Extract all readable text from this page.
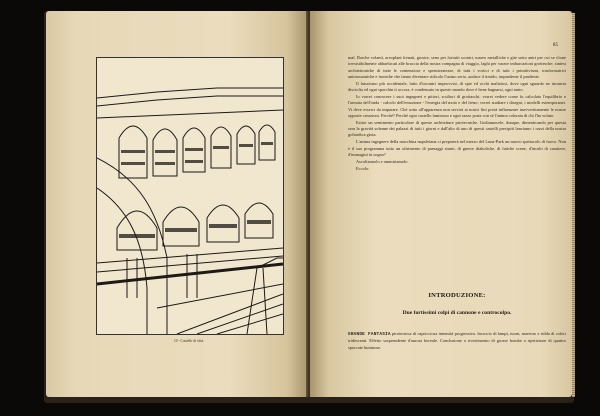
10 - Castello di città.
85

mal. Barche volanti, areoplani frenati, giostre, seno per fortuiti scontri, mareo metalliche e gite sotto antri per cui se s'ione irresistibilmente abbarbicati alle braccia della nostra compagna di viaggio, laghi per varare imbarcazioni grottesche; sintesi architettoniche di tutte le contenziose e spensieratezze, di tutti i vortici e di tutti i primitivismi, trasformatrici antiromantiche e ironiche che fanno diventare ridicolo l'uomo serio, audace il timido, imprudente il prudente.

Il futurismo più accidentale, fatto d'incontri improvvisi, di spie ed occhi maliziosi, dove ogni sguardo ne incontra disciolta ed ogni sporchin ti accora, è condensato in questo mondo dove è bene bagnarsi, ogni tanto.

Io vorrei conoscere i suoi ingegneri e pittori, scultori di grottaschi; vorrei vedere come fu calcolato l'equilibrio e l'armata dell'onda - calcolo dell'emozione - l'energia del moto e del freno; vorrei studiare i disegni, i modelli estemporanei. Vi deve esserci da imparare. Ché sotto all'apparenza non servirà ai nostri fini potrà influenzare inavvertitamente le nostre opposte creazioni. Perché? Perché ogni castello luminoso e ogni razzo porta con sé l'anima colorata di chi l'ha voluto.

Esiste un sentimento particolare di queste architetture pirotecniche. Godiamocele, dunque, dimenticando per questa sera la gravità solenne dei palazzi di tutti i giorni e dall'alto di uno di questi castelli precipiti lanciamo i razzi della nostra goliardica gioia.

L'anima ingegnere della macchina napoletana ci preparerà nel mezzo del Luna-Park un nuovo spettacolo di fuoco. Non è il suo programma tutto un ultrimento di paesaggi strani, di gnerre diaboliche, di fatiche scene, d'incubi di carattere, d'immagini in sogno?

Ascoltiamolo e ammiriamolo.

Eccolo:

INTRODUZIONE:
Due fortissimi colpi di cannone e controcolpo.
GRANDE FANTASIA pirotecnica di capricciosa intensità progressiva. Incrocio di lampi, tuoni, mareoro e ridda di colori iridescenti. Effetto sorprendente d'aurora boreale. Conclusione a rivestimento di grosse bombe a ripetizione di quattro spaccate luminose.
